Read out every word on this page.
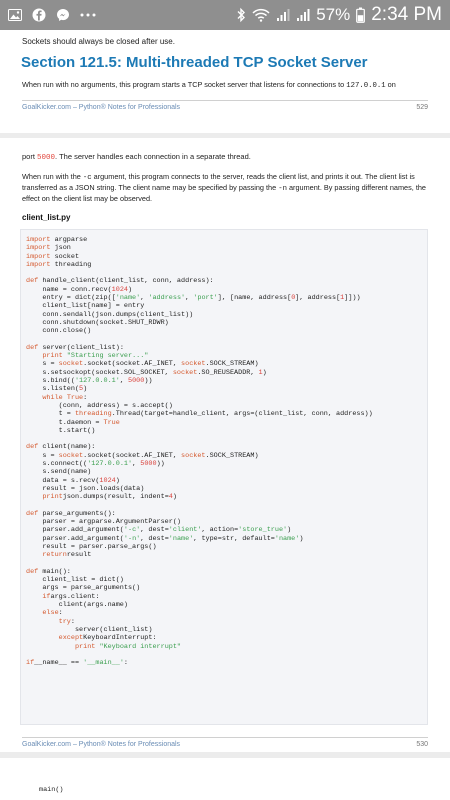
57% 2:34 PM
Sockets should always be closed after use.
Section 121.5: Multi-threaded TCP Socket Server
When run with no arguments, this program starts a TCP socket server that listens for connections to 127.0.0.1 on
GoalKicker.com – Python® Notes for Professionals	529
port 5000. The server handles each connection in a separate thread.
When run with the -c argument, this program connects to the server, reads the client list, and prints it out. The client list is transferred as a JSON string. The client name may be specified by passing the -n argument. By passing different names, the effect on the client list may be observed.
client_list.py
import argparse
import json
import socket
import threading

def handle_client(client_list, conn, address):
name = conn.recv(1024)
entry = dict(zip(['name', 'address', 'port'], [name, address[0], address[1]]))
client_list[name] = entry
conn.sendall(json.dumps(client_list))
conn.shutdown(socket.SHUT_RDWR)
conn.close()

def server(client_list):
print "Starting server..."
s = socket.socket(socket.AF_INET, socket.SOCK_STREAM)
s.setsockopt(socket.SOL_SOCKET, socket.SO_REUSEADDR, 1)
s.bind(('127.0.0.1', 5000))
s.listen(5)
while True:
(conn, address) = s.accept()
t = threading.Thread(target=handle_client, args=(client_list, conn, address))
t.daemon = True
t.start()

def client(name):
s = socket.socket(socket.AF_INET, socket.SOCK_STREAM)
s.connect(('127.0.0.1', 5000))
s.send(name)
data = s.recv(1024)
result = json.loads(data)
printjson.dumps(result, indent=4)

def parse_arguments():
parser = argparse.ArgumentParser()
parser.add_argument('-c', dest='client', action='store_true')
parser.add_argument('-n', dest='name', type=str, default='name')
result = parser.parse_args()
returnresult

def main():
client_list = dict()
args = parse_arguments()
ifargs.client:
client(args.name)
else:
try:
server(client_list)
exceptKeyboardInterrupt:
print "Keyboard interrupt"

if__name__ == '__main__':
GoalKicker.com – Python® Notes for Professionals	530
main()
